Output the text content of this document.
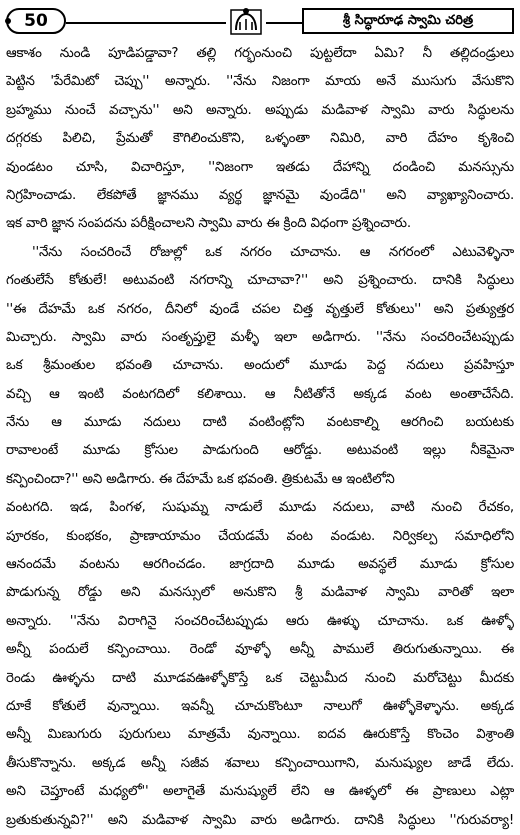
50	శ్రీ సిద్ధారూఢ స్వామి చరిత్ర
ఆకాశం నుండి పూడిపడ్డావా? తల్లి గర్భంనుంచి పుట్టలేదా ఏమి? నీ తల్లిదండ్రులు
పెట్టిన 'పేరేమిటో చెప్పు'' అన్నారు. ''నేను నిజంగా మాయ అనే ముసుగు వేసుకొని
బ్రహ్మము నుంచే వచ్చాను'' అని అన్నారు. అప్పుడు మడివాళ స్వామి వారు సిద్ధులను
దగ్గరకు పిలిచి, ప్రేమతో కౌగిలించుకొని, ఒళ్ళంతా నిమిరి, వారి దేహం కృశించి
వుండటం చూసి, విచారిస్తూ, ''నిజంగా ఇతడు దేహాన్ని దండించి మనస్సును
నిగ్రహించాడు. లేకపోతే జ్ఞానము వ్యర్థ జ్ఞానమై వుండేది'' అని వ్యాఖ్యానించారు.
ఇక వారి జ్ఞాన సంపదను పరీక్షించాలని స్వామి వారు ఈ క్రింది విధంగా ప్రశ్నించారు.
''నేను సంచరించే రోజుల్లో ఒక నగరం చూచాను. ఆ నగరంలో ఎటువెళ్ళినా
గంతులేసే కోతులే! అటువంటి నగరాన్ని చూచావా?'' అని ప్రశ్నించారు. దానికి సిద్ధులు
''ఈ దేహమే ఒక నగరం, దీనిలో వుండే చపల చిత్త వృత్తులే కోతులు'' అని ప్రత్యుత్తర
మిచ్చారు. స్వామి వారు సంతృప్తులై మళ్ళీ ఇలా అడిగారు. ''నేను సంచరించేటప్పుడు
ఒక శ్రీమంతుల భవంతి చూచాను. అందులో మూడు పెద్ద నదులు ప్రవహిస్తూ
వచ్చి ఆ ఇంటి వంటగదిలో కలిశాయి. ఆ నీటితోనే అక్కడ వంట అంతాచేసేది.
నేను ఆ మూడు నదులు దాటి వంటింట్లోని వంటకాల్ని ఆరగించి బయటకు
రావాలంటే మూడు క్రోసుల పాడుగుంది ఆరోడ్డు. అటువంటి ఇల్లు నీకెమైనా
కన్పించిందా?'' అని అడిగారు. ఈ దేహమే ఒక భవంతి. త్రికుటమే ఆ ఇంటిలోని
వంటగది. ఇడ, పింగళ, సుషుమ్న నాడులే మూడు నదులు, వాటి నుంచి రేచకం,
పూరకం, కుంభకం, ప్రాణాయామం చేయడమే వంట వండుట. నిర్వికల్ప సమాధిలోని
ఆనందమే వంటను ఆరగించడం. జాగ్రదాది మూడు అవస్థలే మూడు క్రోసుల
పొడుగున్న రోడ్డు అని మనస్సులో అనుకొని శ్రీ మడివాళ స్వామి వారితో ఇలా
అన్నారు. ''నేను విరాగినై సంచరించేటప్పుడు ఆరు ఊళ్ళు చూచాను. ఒక ఊళ్ళో
అన్నీ పందులే కన్పించాయి. రెండో వూళ్ళో అన్నీ పాములే తిరుగుతున్నాయి. ఈ
రెండు ఊళ్ళను దాటి మూడవఊళ్ళోకొస్తే ఒక చెట్టుమీద నుంచి మరోచెట్టు మీదకు
దూకే కోతులే వున్నాయి. ఇవన్నీ చూచుకొంటూ నాలుగో ఊళ్ళోకెళ్ళాను. అక్కడ
అన్నీ మిణుగురు పురుగులు మాత్రమే వున్నాయి. ఐదవ ఊరుకొస్తే కొంచెం విశ్రాంతి
తీసుకొన్నాను. అక్కడ అన్నీ సజీవ శవాలు కన్పించాయిగాని, మనుష్యుల జాడే లేదు.
అని చెప్తూంటే మధ్యలో'' అలాగైతే మనుష్యులే లేని ఆ ఊళ్ళలో ఈ ప్రాణులు ఎట్లా
బ్రతుకుతున్నవి?'' అని మడివాళ స్వామి వారు అడిగారు. దానికి సిద్ధులు ''గురువర్యా!
